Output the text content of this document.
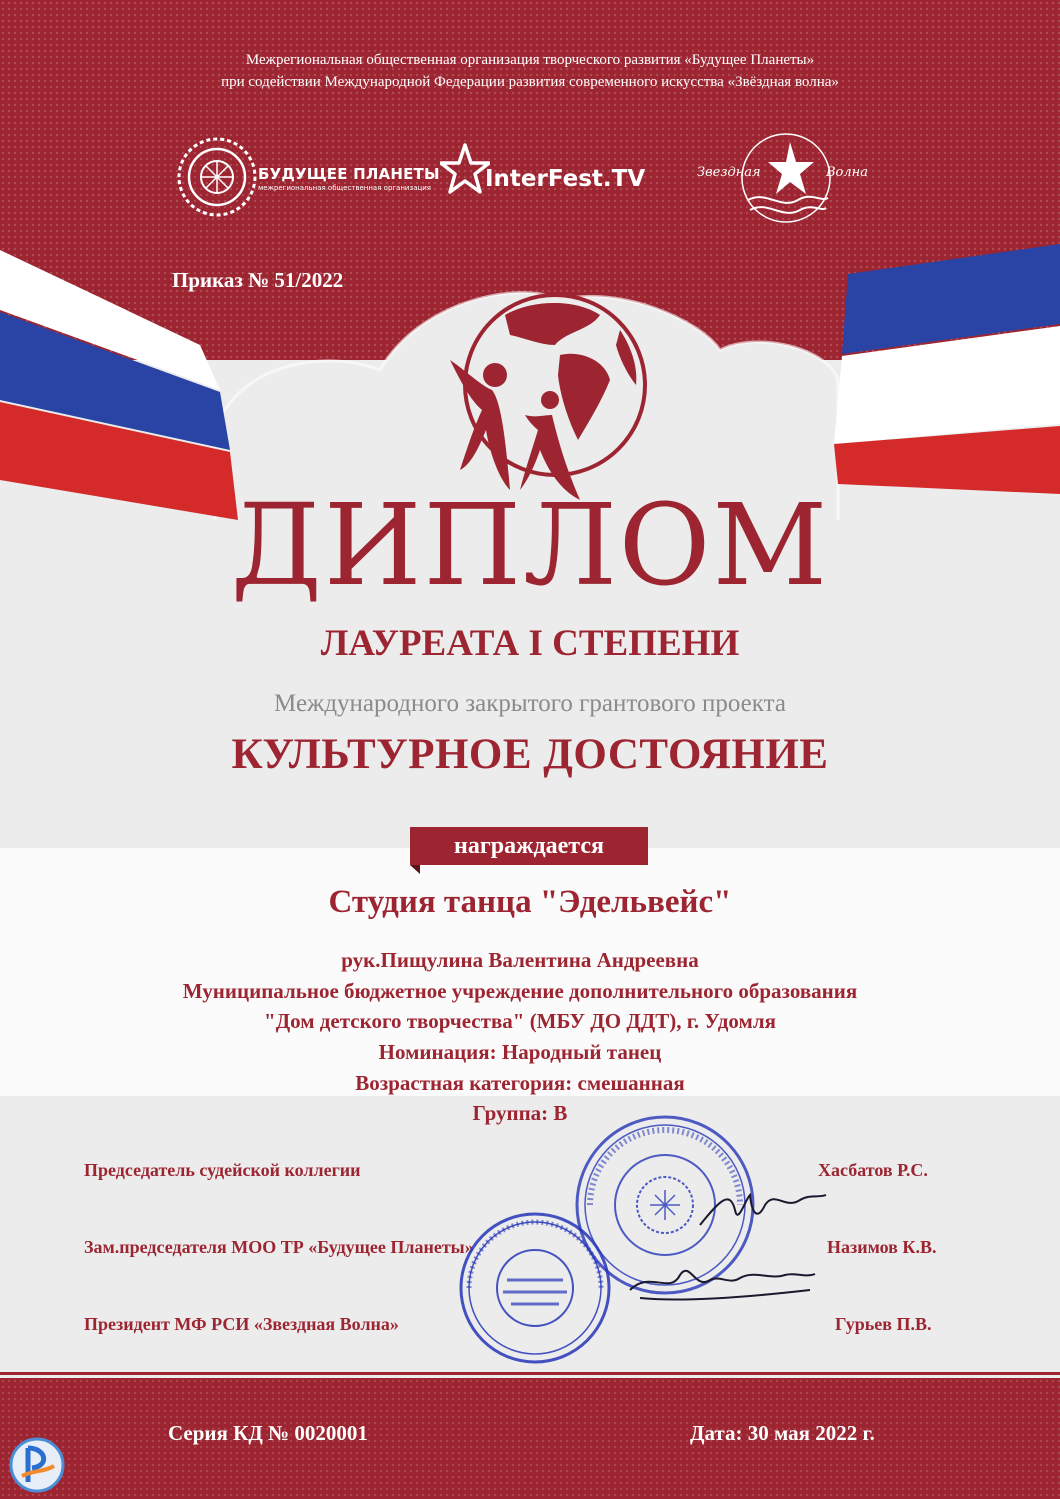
Межрегиональная общественная организация творческого развития «Будущее Планеты»
при содействии Международной Федерации развития современного искусства «Звёздная волна»
БУДУЩЕЕ ПЛАНЕТЫ
межрегиональная общественная организация InterFest.TV	Звездная	Волна
Приказ № 51/2022
ДИПЛОМ
ЛАУРЕАТА I СТЕПЕНИ
Международного закрытого грантового проекта
КУЛЬТУРНОЕ ДОСТОЯНИЕ
награждается
Студия танца "Эдельвейс"
рук.Пищулина Валентина Андреевна
Муниципальное бюджетное учреждение дополнительного образования
"Дом детского творчества" (МБУ ДО ДДТ), г. Удомля
Номинация: Народный танец
Возрастная категория: смешанная
Группа: В
Председатель судейской коллегии	Хасбатов Р.С.
Зам.председателя МОО ТР «Будущее Планеты»	Назимов К.В.
Президент МФ РСИ «Звездная Волна»	Гурьев П.В.
Серия КД № 0020001	Дата: 30 мая 2022 г.
